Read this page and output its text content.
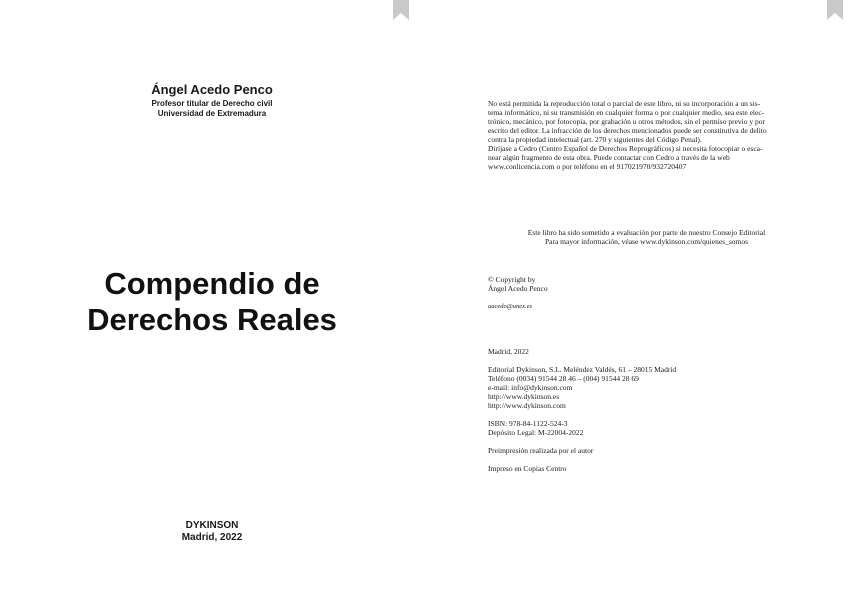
Ángel Acedo Penco
Profesor titular de Derecho civil
Universidad de Extremadura
Compendio de
Derechos Reales
DYKINSON
Madrid, 2022

No está permitida la reproducción total o parcial de este libro, ni su incorporación a un sis-

tema informático, ni su transmisión en cualquier forma o por cualquier medio, sea este elec-

trónico, mecánico, por fotocopia, por grabación u otros métodos, sin el permiso previo y por

escrito del editor. La infracción de los derechos mencionados puede ser constitutiva de delito

contra la propiedad intelectual (art. 270 y siguientes del Código Penal).

Diríjase a Cedro (Centro Español de Derechos Reprográficos) si necesita fotocopiar o esca-

near algún fragmento de esta obra. Puede contactar con Cedro a través de la web

www.conlicencia.com o por teléfono en el 917021970/932720407

Este libro ha sido sometido a evaluación por parte de nuestro Consejo Editorial
Para mayor información, véase www.dykinson.com/quienes_somos
© Copyright by
Ángel Acedo Penco
aacedo@unex.es
Madrid, 2022
Editorial Dykinson, S.L. Meléndez Valdés, 61 – 28015 Madrid
Teléfono (0034) 91544 28 46 – (004) 91544 28 69
e-mail: info@dykinson.com
http://www.dykinson.es
http://www.dykinson.com
ISBN: 978-84-1122-524-3
Depósito Legal: M-22004-2022
Preimpresión realizada por el autor
Impreso en Copias Centro
